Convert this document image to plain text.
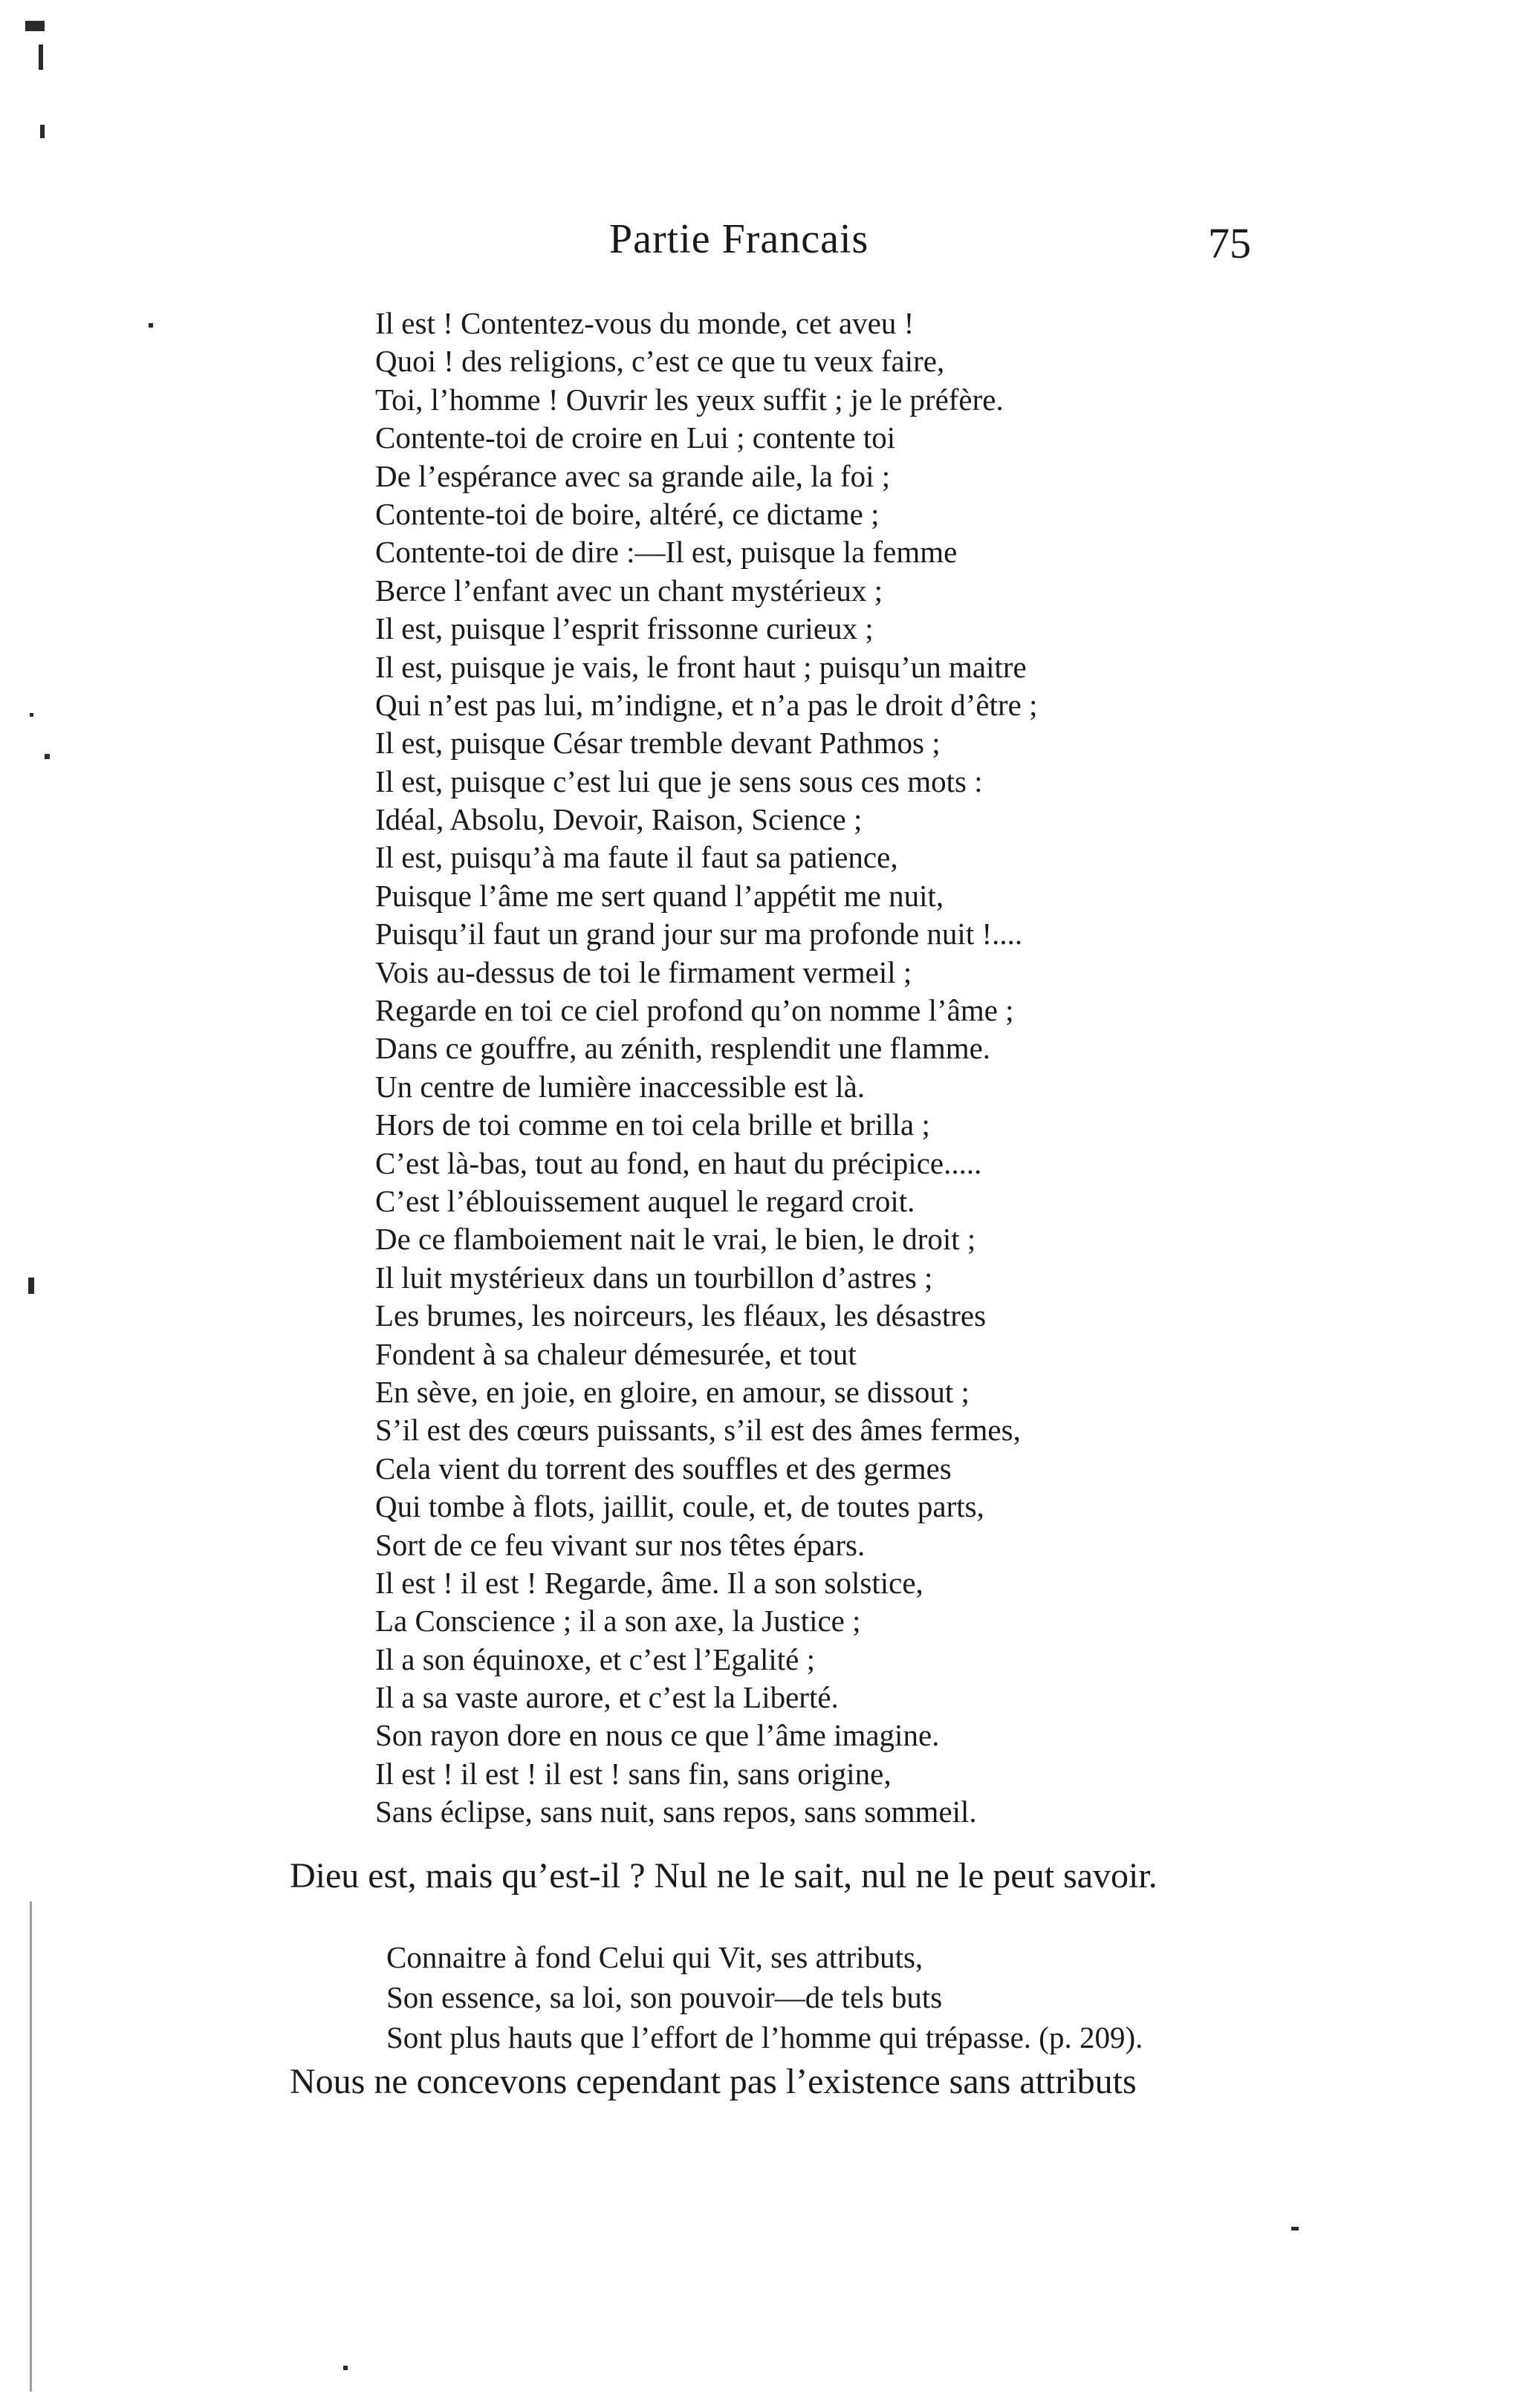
Partie Francais	75
Il est ! Contentez-vous du monde, cet aveu !
Quoi ! des religions, c’est ce que tu veux faire,
Toi, l’homme ! Ouvrir les yeux suffit ; je le préfère.
Contente-toi de croire en Lui ; contente toi
De l’espérance avec sa grande aile, la foi ;
Contente-toi de boire, altéré, ce dictame ;
Contente-toi de dire :—Il est, puisque la femme
Berce l’enfant avec un chant mystérieux ;
Il est, puisque l’esprit frissonne curieux ;
Il est, puisque je vais, le front haut ; puisqu’un maitre
Qui n’est pas lui, m’indigne, et n’a pas le droit d’être ;
Il est, puisque César tremble devant Pathmos ;
Il est, puisque c’est lui que je sens sous ces mots :
Idéal, Absolu, Devoir, Raison, Science ;
Il est, puisqu’à ma faute il faut sa patience,
Puisque l’âme me sert quand l’appétit me nuit,
Puisqu’il faut un grand jour sur ma profonde nuit !....
Vois au-dessus de toi le firmament vermeil ;
Regarde en toi ce ciel profond qu’on nomme l’âme ;
Dans ce gouffre, au zénith, resplendit une flamme.
Un centre de lumière inaccessible est là.
Hors de toi comme en toi cela brille et brilla ;
C’est là-bas, tout au fond, en haut du précipice.....
C’est l’éblouissement auquel le regard croit.
De ce flamboiement nait le vrai, le bien, le droit ;
Il luit mystérieux dans un tourbillon d’astres ;
Les brumes, les noirceurs, les fléaux, les désastres
Fondent à sa chaleur démesurée, et tout
En sève, en joie, en gloire, en amour, se dissout ;
S’il est des cœurs puissants, s’il est des âmes fermes,
Cela vient du torrent des souffles et des germes
Qui tombe à flots, jaillit, coule, et, de toutes parts,
Sort de ce feu vivant sur nos têtes épars.
Il est ! il est ! Regarde, âme. Il a son solstice,
La Conscience ; il a son axe, la Justice ;
Il a son équinoxe, et c’est l’Egalité ;
Il a sa vaste aurore, et c’est la Liberté.
Son rayon dore en nous ce que l’âme imagine.
Il est ! il est ! il est ! sans fin, sans origine,
Sans éclipse, sans nuit, sans repos, sans sommeil.

Dieu est, mais qu’est-il ? Nul ne le sait, nul ne le peut savoir.

Connaitre à fond Celui qui Vit, ses attributs,
Son essence, sa loi, son pouvoir—de tels buts
Sont plus hauts que l’effort de l’homme qui trépasse. (p. 209).

Nous ne concevons cependant pas l’existence sans attributs
